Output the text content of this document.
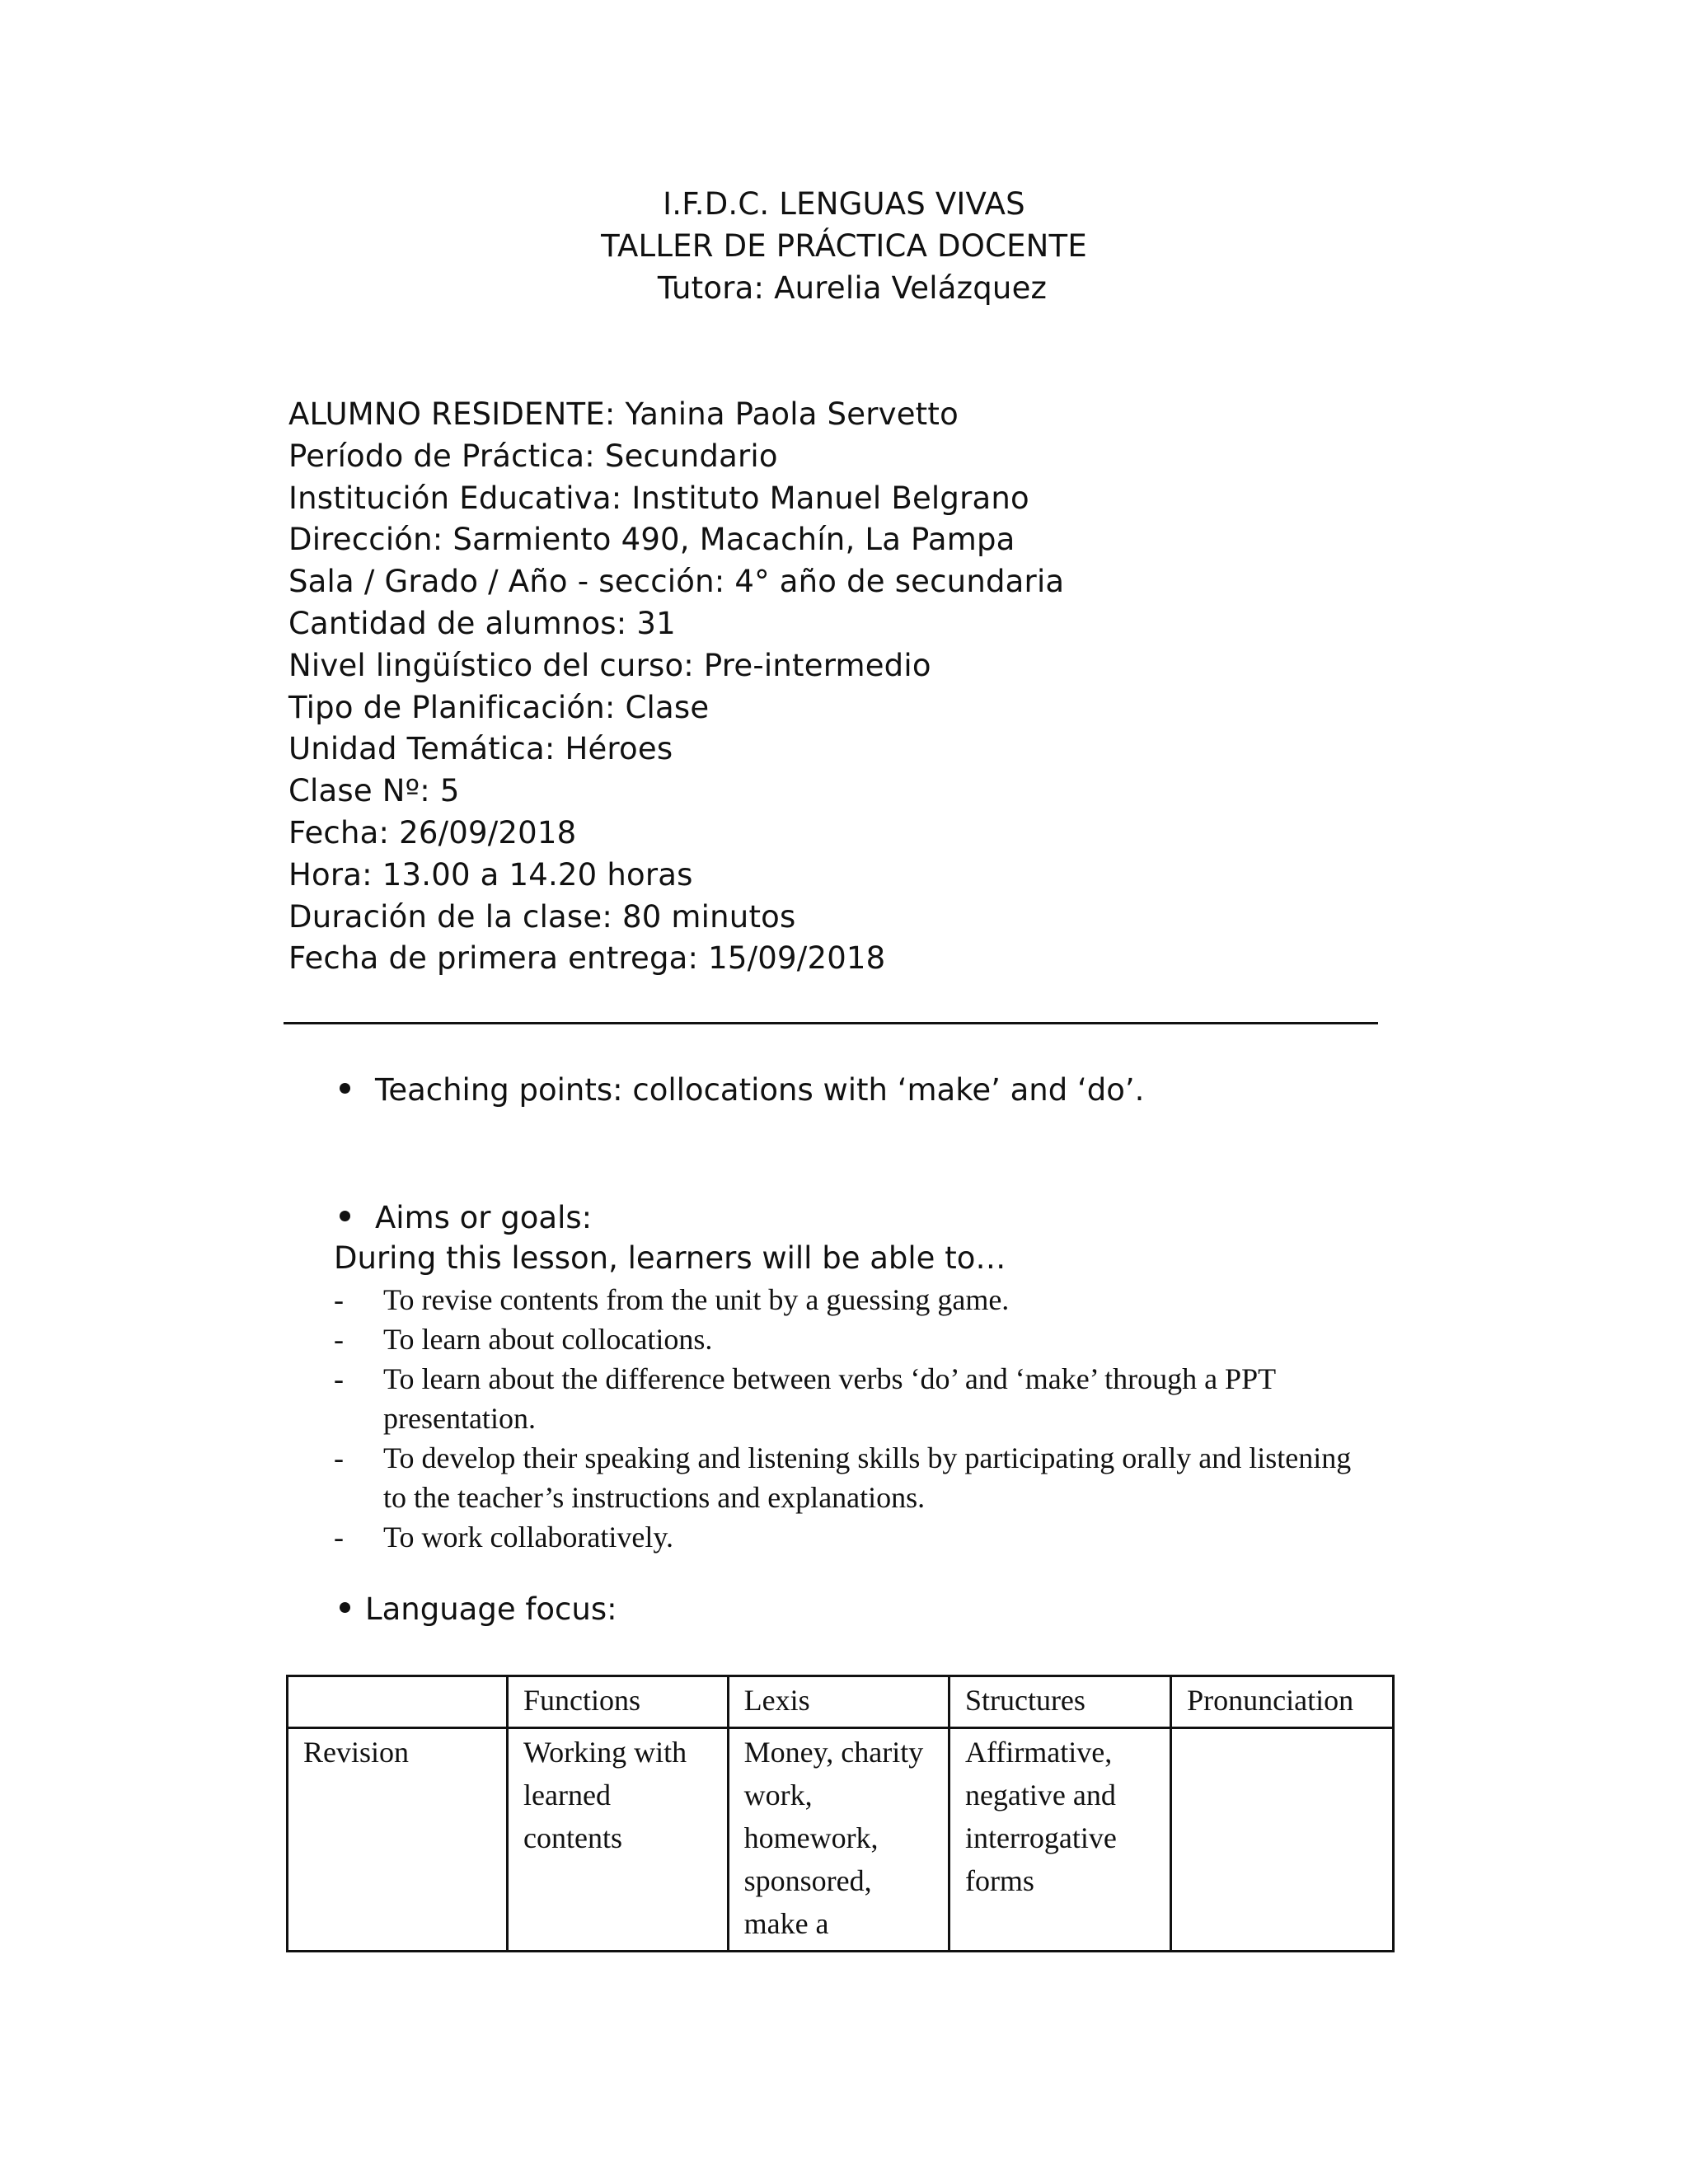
I.F.D.C. LENGUAS VIVAS
TALLER DE PRÁCTICA DOCENTE
Tutora: Aurelia Velázquez
ALUMNO RESIDENTE: Yanina Paola Servetto
Período de Práctica: Secundario
Institución Educativa: Instituto Manuel Belgrano
Dirección: Sarmiento 490, Macachín, La Pampa
Sala / Grado / Año - sección: 4° año de secundaria
Cantidad de alumnos: 31
Nivel lingüístico del curso: Pre-intermedio
Tipo de Planificación: Clase
Unidad Temática: Héroes
Clase Nº: 5
Fecha: 26/09/2018
Hora: 13.00 a 14.20 horas
Duración de la clase: 80 minutos
Fecha de primera entrega: 15/09/2018
Teaching points: collocations with ‘make’ and ‘do’.
Aims or goals:
During this lesson, learners will be able to…
- To revise contents from the unit by a guessing game.
- To learn about collocations.
- To learn about the difference between verbs ‘do’ and ‘make’ through a PPT presentation.
- To develop their speaking and listening skills by participating orally and listening to the teacher’s instructions and explanations.
- To work collaboratively.
Language focus:
	Functions	Lexis	Structures	Pronunciation
Revision	Working with learned contents	Money, charity work, homework, sponsored, make a	Affirmative, negative and interrogative forms	
